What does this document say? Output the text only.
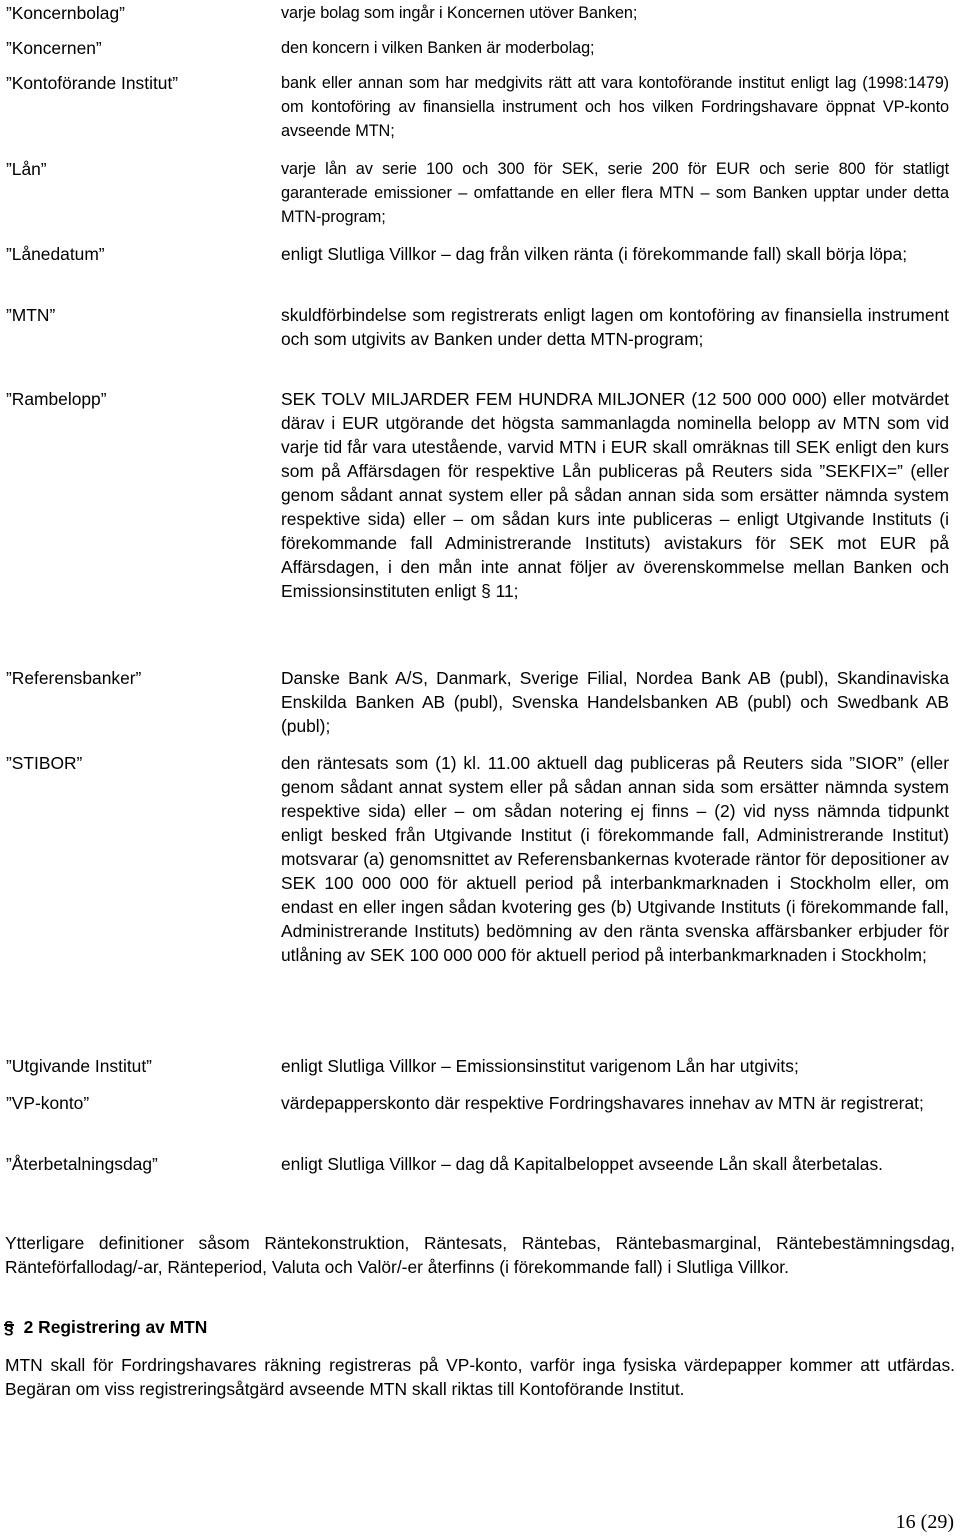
”Koncernbolag”	varje bolag som ingår i Koncernen utöver Banken;
”Koncernen”	den koncern i vilken Banken är moderbolag;
”Kontoförande Institut”	bank eller annan som har medgivits rätt att vara kontoförande institut enligt lag (1998:1479) om kontoföring av finansiella instrument och hos vilken Fordringshavare öppnat VP-konto avseende MTN;
”Lån”	varje lån av serie 100 och 300 för SEK, serie 200 för EUR och serie 800 för statligt garanterade emissioner – omfattande en eller flera MTN – som Banken upptar under detta MTN-program;
”Lånedatum”	enligt Slutliga Villkor – dag från vilken ränta (i förekommande fall) skall börja löpa;
”MTN”	skuldförbindelse som registrerats enligt lagen om kontoföring av finansiella instrument och som utgivits av Banken under detta MTN-program;
”Rambelopp”	SEK TOLV MILJARDER FEM HUNDRA MILJONER (12 500 000 000) eller motvärdet därav i EUR utgörande det högsta sammanlagda nominella belopp av MTN som vid varje tid får vara utestående, varvid MTN i EUR skall omräknas till SEK enligt den kurs som på Affärsdagen för respektive Lån publiceras på Reuters sida ”SEKFIX=” (eller genom sådant annat system eller på sådan annan sida som ersätter nämnda system respektive sida) eller – om sådan kurs inte publiceras – enligt Utgivande Instituts (i förekommande fall Administrerande Instituts) avistakurs för SEK mot EUR på Affärsdagen, i den mån inte annat följer av överenskommelse mellan Banken och Emissionsinstituten enligt § 11;
”Referensbanker”	Danske Bank A/S, Danmark, Sverige Filial, Nordea Bank AB (publ), Skandinaviska Enskilda Banken AB (publ), Svenska Handelsbanken AB (publ) och Swedbank AB (publ);
”STIBOR”	den räntesats som (1) kl. 11.00 aktuell dag publiceras på Reuters sida ”SIOR” (eller genom sådant annat system eller på sådan annan sida som ersätter nämnda system respektive sida) eller – om sådan notering ej finns – (2) vid nyss nämnda tidpunkt enligt besked från Utgivande Institut (i förekommande fall, Administrerande Institut) motsvarar (a) genomsnittet av Referensbankernas kvoterade räntor för depositioner av SEK 100 000 000 för aktuell period på interbankmarknaden i Stockholm eller, om endast en eller ingen sådan kvotering ges (b) Utgivande Instituts (i förekommande fall, Administrerande Instituts) bedömning av den ränta svenska affärsbanker erbjuder för utlåning av SEK 100 000 000 för aktuell period på interbankmarknaden i Stockholm;
”Utgivande Institut”	enligt Slutliga Villkor – Emissionsinstitut varigenom Lån har utgivits;
”VP-konto”	värdepapperskonto där respektive Fordringshavares innehav av MTN är registrerat;
”Återbetalningsdag”	enligt Slutliga Villkor – dag då Kapitalbeloppet avseende Lån skall återbetalas.
Ytterligare definitioner såsom Räntekonstruktion, Räntesats, Räntebas, Räntebasmarginal, Räntebestämningsdag, Ränteförfallodag/-ar, Ränteperiod, Valuta och Valör/-er återfinns (i förekommande fall) i Slutliga Villkor.
§ 2 Registrering av MTN
MTN skall för Fordringshavares räkning registreras på VP-konto, varför inga fysiska värdepapper kommer att utfärdas. Begäran om viss registreringsåtgärd avseende MTN skall riktas till Kontoförande Institut.
16 (29)
